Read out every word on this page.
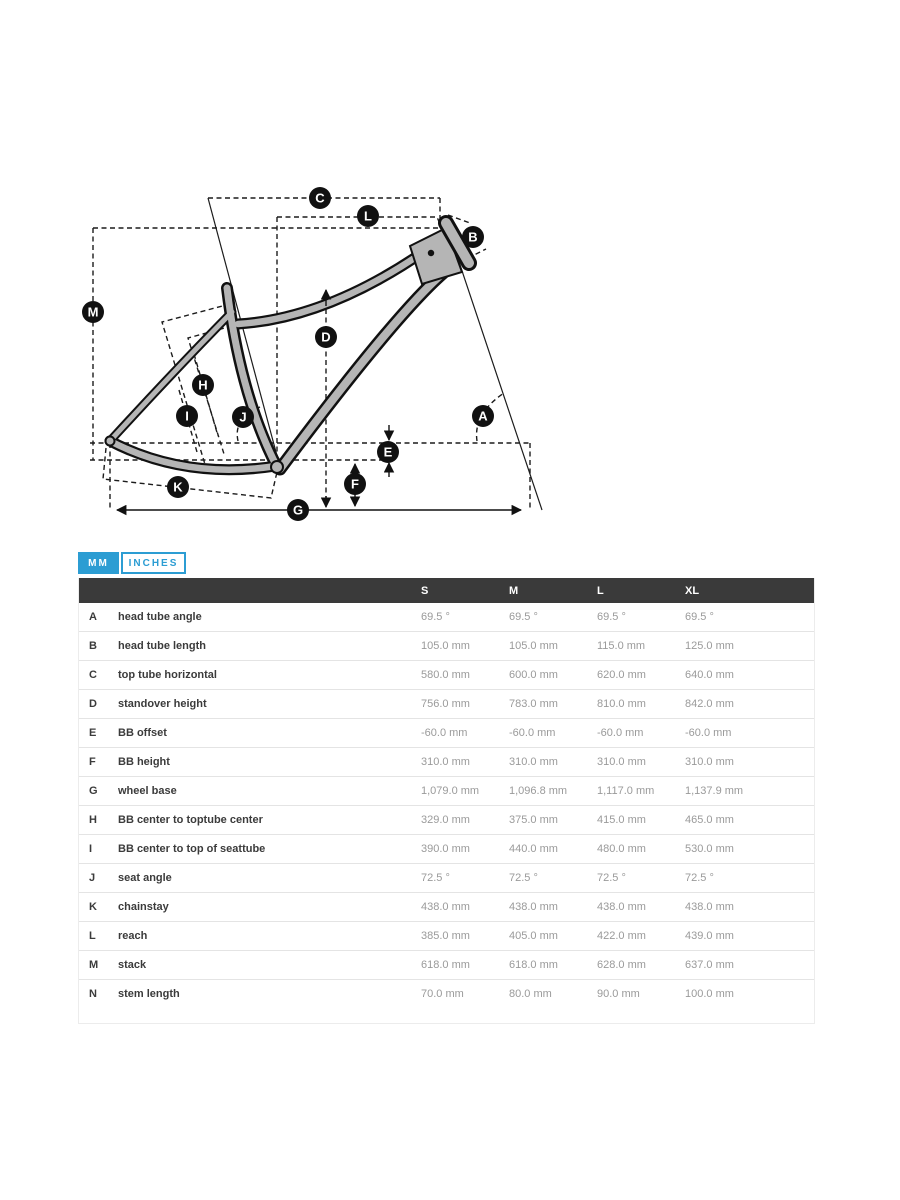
A
B
C
D
E
F
G
H
I	J
K
L
M
MM	INCHES
		S	M	L	XL
A	head tube angle	69.5 °	69.5 °	69.5 °	69.5 °
B	head tube length	105.0 mm	105.0 mm	115.0 mm	125.0 mm
C	top tube horizontal	580.0 mm	600.0 mm	620.0 mm	640.0 mm
D	standover height	756.0 mm	783.0 mm	810.0 mm	842.0 mm
E	BB offset	-60.0 mm	-60.0 mm	-60.0 mm	-60.0 mm
F	BB height	310.0 mm	310.0 mm	310.0 mm	310.0 mm
G	wheel base	1,079.0 mm	1,096.8 mm	1,117.0 mm	1,137.9 mm
H	BB center to toptube center	329.0 mm	375.0 mm	415.0 mm	465.0 mm
I	BB center to top of seattube	390.0 mm	440.0 mm	480.0 mm	530.0 mm
J	seat angle	72.5 °	72.5 °	72.5 °	72.5 °
K	chainstay	438.0 mm	438.0 mm	438.0 mm	438.0 mm
L	reach	385.0 mm	405.0 mm	422.0 mm	439.0 mm
M	stack	618.0 mm	618.0 mm	628.0 mm	637.0 mm
N	stem length	70.0 mm	80.0 mm	90.0 mm	100.0 mm
